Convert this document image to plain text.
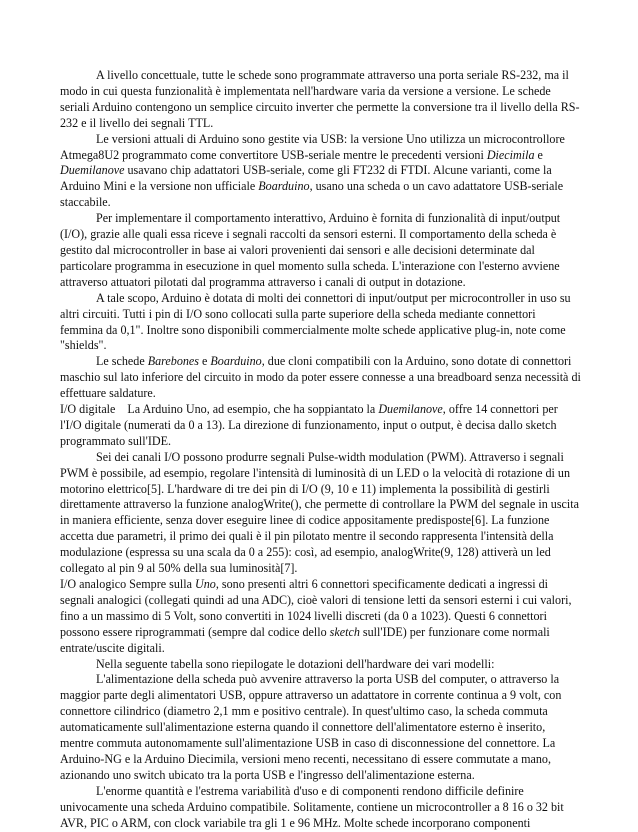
A livello concettuale, tutte le schede sono programmate attraverso una porta seriale RS-232, ma il modo in cui questa funzionalità è implementata nell'hardware varia da versione a versione. Le schede seriali Arduino contengono un semplice circuito inverter che permette la conversione tra il livello della RS-232 e il livello dei segnali TTL.

Le versioni attuali di Arduino sono gestite via USB: la versione Uno utilizza un microcontrollore Atmega8U2 programmato come convertitore USB-seriale mentre le precedenti versioni Diecimila e Duemilanove usavano chip adattatori USB-seriale, come gli FT232 di FTDI. Alcune varianti, come la Arduino Mini e la versione non ufficiale Boarduino, usano una scheda o un cavo adattatore USB-seriale staccabile.

Per implementare il comportamento interattivo, Arduino è fornita di funzionalità di input/output (I/O), grazie alle quali essa riceve i segnali raccolti da sensori esterni. Il comportamento della scheda è gestito dal microcontroller in base ai valori provenienti dai sensori e alle decisioni determinate dal particolare programma in esecuzione in quel momento sulla scheda. L'interazione con l'esterno avviene attraverso attuatori pilotati dal programma attraverso i canali di output in dotazione.

A tale scopo, Arduino è dotata di molti dei connettori di input/output per microcontroller in uso su altri circuiti. Tutti i pin di I/O sono collocati sulla parte superiore della scheda mediante connettori femmina da 0,1". Inoltre sono disponibili commercialmente molte schede applicative plug-in, note come "shields".

Le schede Barebones e Boarduino, due cloni compatibili con la Arduino, sono dotate di connettori maschio sul lato inferiore del circuito in modo da poter essere connesse a una breadboard senza necessità di effettuare saldature.

I/O digitale La Arduino Uno, ad esempio, che ha soppiantato la Duemilanove, offre 14 connettori per l'I/O digitale (numerati da 0 a 13). La direzione di funzionamento, input o output, è decisa dallo sketch programmato sull'IDE.

Sei dei canali I/O possono produrre segnali Pulse-width modulation (PWM). Attraverso i segnali PWM è possibile, ad esempio, regolare l'intensità di luminosità di un LED o la velocità di rotazione di un motorino elettrico[5]. L'hardware di tre dei pin di I/O (9, 10 e 11) implementa la possibilità di gestirli direttamente attraverso la funzione analogWrite(), che permette di controllare la PWM del segnale in uscita in maniera efficiente, senza dover eseguire linee di codice appositamente predisposte[6]. La funzione accetta due parametri, il primo dei quali è il pin pilotato mentre il secondo rappresenta l'intensità della modulazione (espressa su una scala da 0 a 255): così, ad esempio, analogWrite(9, 128) attiverà un led collegato al pin 9 al 50% della sua luminosità[7].

I/O analogico Sempre sulla Uno, sono presenti altri 6 connettori specificamente dedicati a ingressi di segnali analogici (collegati quindi ad una ADC), cioè valori di tensione letti da sensori esterni i cui valori, fino a un massimo di 5 Volt, sono convertiti in 1024 livelli discreti (da 0 a 1023). Questi 6 connettori possono essere riprogrammati (sempre dal codice dello sketch sull'IDE) per funzionare come normali entrate/uscite digitali.

Nella seguente tabella sono riepilogate le dotazioni dell'hardware dei vari modelli:

L'alimentazione della scheda può avvenire attraverso la porta USB del computer, o attraverso la maggior parte degli alimentatori USB, oppure attraverso un adattatore in corrente continua a 9 volt, con connettore cilindrico (diametro 2,1 mm e positivo centrale). In quest'ultimo caso, la scheda commuta automaticamente sull'alimentazione esterna quando il connettore dell'alimentatore esterno è inserito, mentre commuta autonomamente sull'alimentazione USB in caso di disconnessione del connettore. La Arduino-NG e la Arduino Diecimila, versioni meno recenti, necessitano di essere commutate a mano, azionando uno switch ubicato tra la porta USB e l'ingresso dell'alimentazione esterna.

L'enorme quantità e l'estrema variabilità d'uso e di componenti rendono difficile definire univocamente una scheda Arduino compatibile. Solitamente, contiene un microcontroller a 8 16 o 32 bit AVR, PIC o ARM, con clock variabile tra gli 1 e 96 MHz. Molte schede incorporano componenti
